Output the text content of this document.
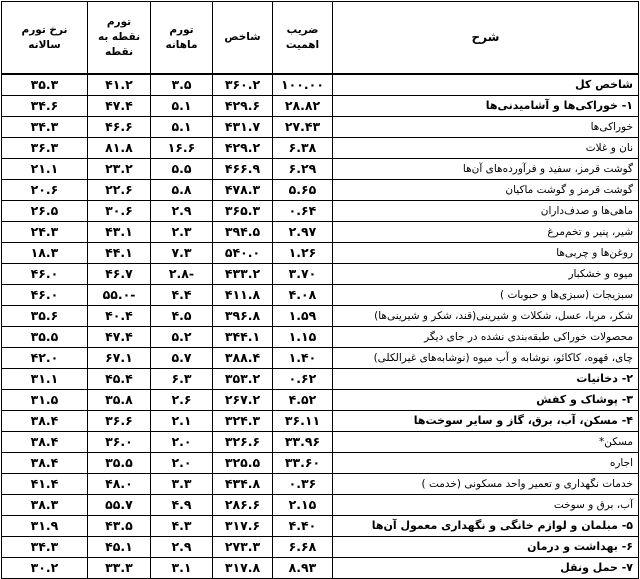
نرخ تورم سالانه	تورم نقطه به نقطه	تورم ماهانه	شاخص	ضریب اهمیت	شرح
۳۵.۳	۴۱.۲	۳.۵	۳۶۰.۲	۱۰۰.۰۰	شاخص کل
۳۴.۶	۴۷.۴	۵.۱	۴۲۹.۶	۲۸.۸۲	۱- خوراکی‌ها و آشامیدنی‌ها
۳۴.۳	۴۶.۶	۵.۱	۴۳۱.۷	۲۷.۴۳	خوراکی‌ها
۳۶.۳	۸۱.۸	۱۶.۶	۴۲۹.۲	۶.۳۸	نان و غلات
۲۱.۱	۲۳.۲	۵.۵	۴۶۶.۹	۶.۲۹	گوشت قرمز، سفید و فرآورده‌های آن‌ها
۲۰.۶	۲۲.۶	۵.۸	۴۷۸.۳	۵.۶۵	گوشت قرمز و گوشت ماکیان
۲۶.۵	۳۰.۶	۲.۹	۳۶۵.۳	۰.۶۴	ماهی‌ها و صدف‌داران
۲۴.۳	۴۳.۱	۲.۳	۳۹۴.۵	۲.۹۷	شیر، پنیر و تخم‌مرغ
۱۸.۳	۴۴.۱	۷.۳	۵۴۰.۰	۱.۲۶	روغن‌ها و چربی‌ها
۴۶.۰	۴۶.۷	۲.۸-	۴۳۳.۲	۳.۷۰	میوه و خشکبار
۴۶.۰	۵۵.۰-	۴.۴	۴۱۱.۸	۴.۰۸	سبزیجات (سبزی‌ها و حبوبات )
۳۵.۶	۴۰.۴	۴.۵	۳۹۶.۸	۱.۵۹	شکر، مربا، عسل، شکلات و شیرینی(قند، شکر و شیرینی‌ها)
۳۵.۵	۴۷.۴	۵.۲	۳۴۴.۱	۱.۱۵	محصولات خوراکی طبقه‌بندی نشده در جای دیگر
۴۲.۰	۶۷.۱	۵.۷	۳۸۸.۴	۱.۴۰	چای، قهوه، کاکائو، نوشابه و آب میوه (نوشابه‌های غیرالکلی)
۳۱.۱	۴۵.۴	۶.۳	۳۵۳.۲	۰.۶۲	۲- دخانیات
۳۱.۵	۳۵.۸	۲.۶	۲۶۷.۲	۴.۵۲	۳- پوشاک و کفش
۳۸.۴	۳۶.۶	۲.۱	۳۲۴.۳	۳۶.۱۱	۴- مسکن، آب، برق، گاز و سایر سوخت‌ها
۳۸.۴	۳۶.۰	۲.۰	۳۲۶.۶	۳۳.۹۶	مسکن*
۳۸.۴	۳۵.۵	۲.۰	۳۲۵.۵	۳۳.۶۰	اجاره
۴۱.۴	۴۸.۰	۳.۳	۴۳۴.۸	۰.۳۶	خدمات نگهداری و تعمیر واحد مسکونی (خدمت )
۳۸.۳	۵۵.۷	۴.۹	۲۸۶.۶	۲.۱۵	آب، برق و سوخت
۳۱.۹	۴۳.۵	۴.۳	۳۱۷.۶	۴.۴۰	۵- مبلمان و لوازم خانگی و نگهداری معمول آن‌ها
۳۴.۳	۴۵.۱	۲.۹	۲۷۳.۳	۶.۶۸	۶- بهداشت و درمان
۳۰.۲	۳۳.۳	۳.۱	۳۱۷.۸	۸.۹۳	۷- حمل ونقل
